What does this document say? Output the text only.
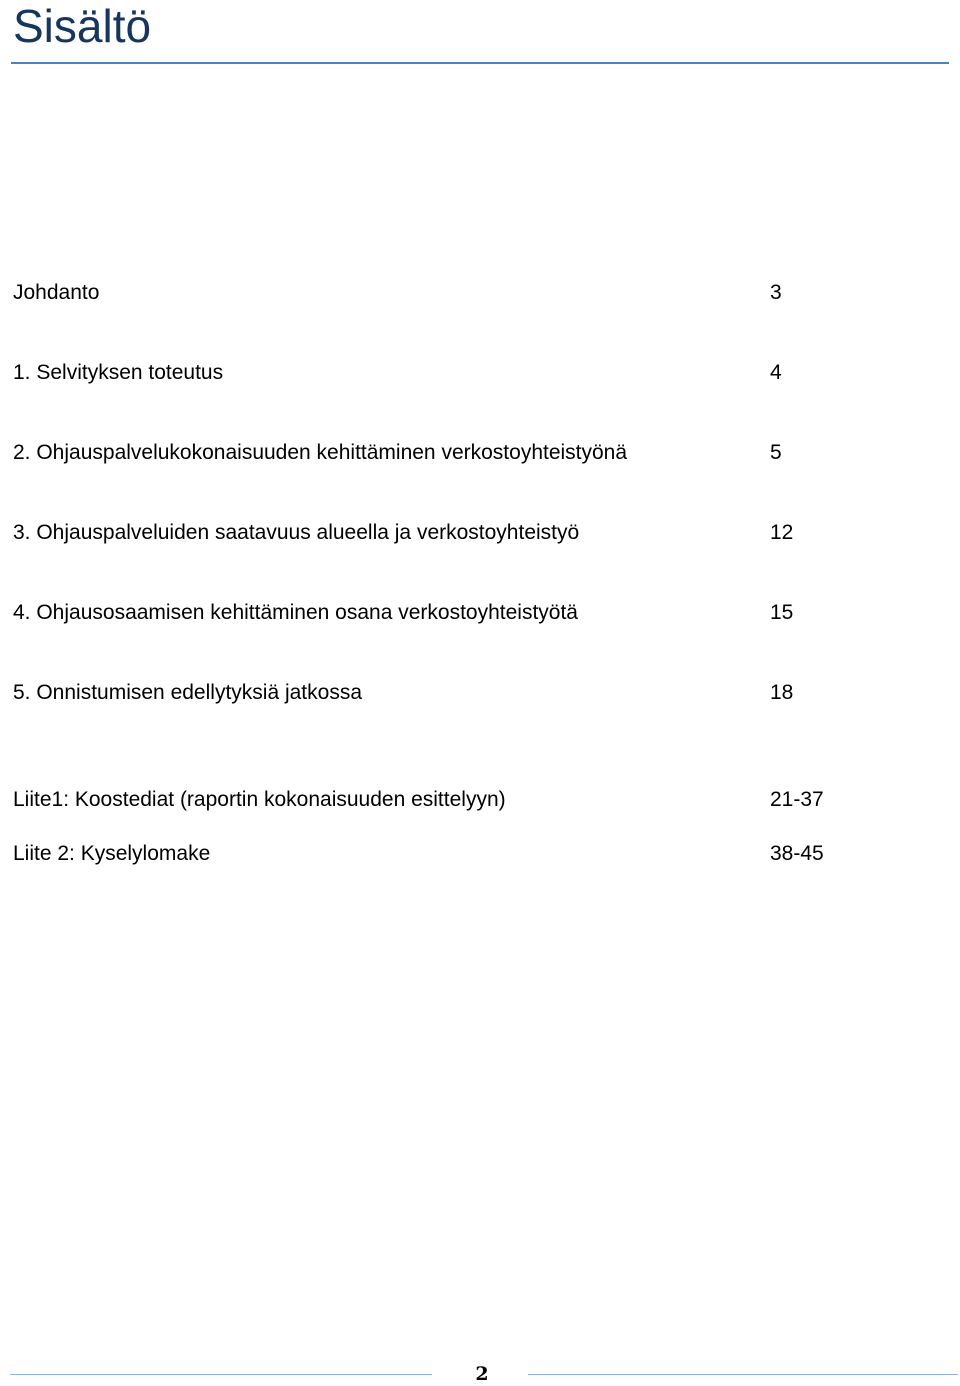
Sisältö
Johdanto	3
1. Selvityksen toteutus	4
2. Ohjauspalvelukokonaisuuden kehittäminen verkostoyhteistyönä	5
3. Ohjauspalveluiden saatavuus alueella ja verkostoyhteistyö	12
4. Ohjausosaamisen kehittäminen osana verkostoyhteistyötä	15
5. Onnistumisen edellytyksiä jatkossa	18
Liite1: Koostediat (raportin kokonaisuuden esittelyyn)	21-37
Liite 2: Kyselylomake	38-45
2
